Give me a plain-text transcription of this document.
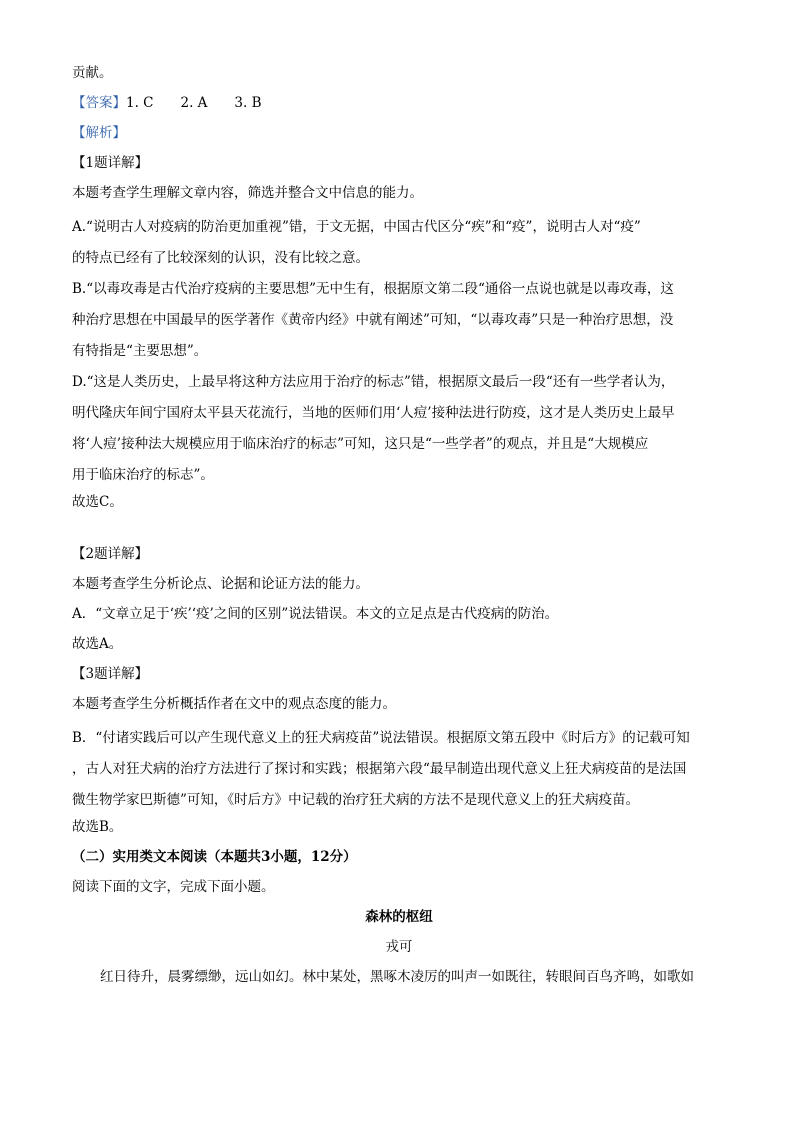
贡献。
【答案】1. C　　2. A　　3. B
【解析】
【1题详解】
本题考查学生理解文章内容，筛选并整合文中信息的能力。
A.“说明古人对疫病的防治更加重视”错，于文无据，中国古代区分“疾”和“疫”，说明古人对“疫”
的特点已经有了比较深刻的认识，没有比较之意。
B.“以毒攻毒是古代治疗疫病的主要思想”无中生有，根据原文第二段“通俗一点说也就是以毒攻毒，这
种治疗思想在中国最早的医学著作《黄帝内经》中就有阐述”可知，“以毒攻毒”只是一种治疗思想，没
有特指是“主要思想”。
D.“这是人类历史，上最早将这种方法应用于治疗的标志”错，根据原文最后一段“还有一些学者认为，
明代隆庆年间宁国府太平县天花流行，当地的医师们用‘人痘’接种法进行防疫，这才是人类历史上最早
将‘人痘’接种法大规模应用于临床治疗的标志”可知，这只是“一些学者”的观点，并且是“大规模应
用于临床治疗的标志”。
故选C。
【2题详解】
本题考查学生分析论点、论据和论证方法的能力。
A．“文章立足于‘疾’‘疫’之间的区别”说法错误。本文的立足点是古代疫病的防治。
故选A。
【3题详解】
本题考查学生分析概括作者在文中的观点态度的能力。
B．“付诸实践后可以产生现代意义上的狂犬病疫苗”说法错误。根据原文第五段中《时后方》的记载可知
，古人对狂犬病的治疗方法进行了探讨和实践；根据第六段“最早制造出现代意义上狂犬病疫苗的是法国
微生物学家巴斯德”可知，《时后方》中记载的治疗狂犬病的方法不是现代意义上的狂犬病疫苗。
故选B。
（二）实用类文本阅读（本题共3小题，12分）
阅读下面的文字，完成下面小题。
森林的枢纽
戎可
红日待升，晨雾缥缈，远山如幻。林中某处，黑啄木凌厉的叫声一如既往，转眼间百鸟齐鸣，如歌如
